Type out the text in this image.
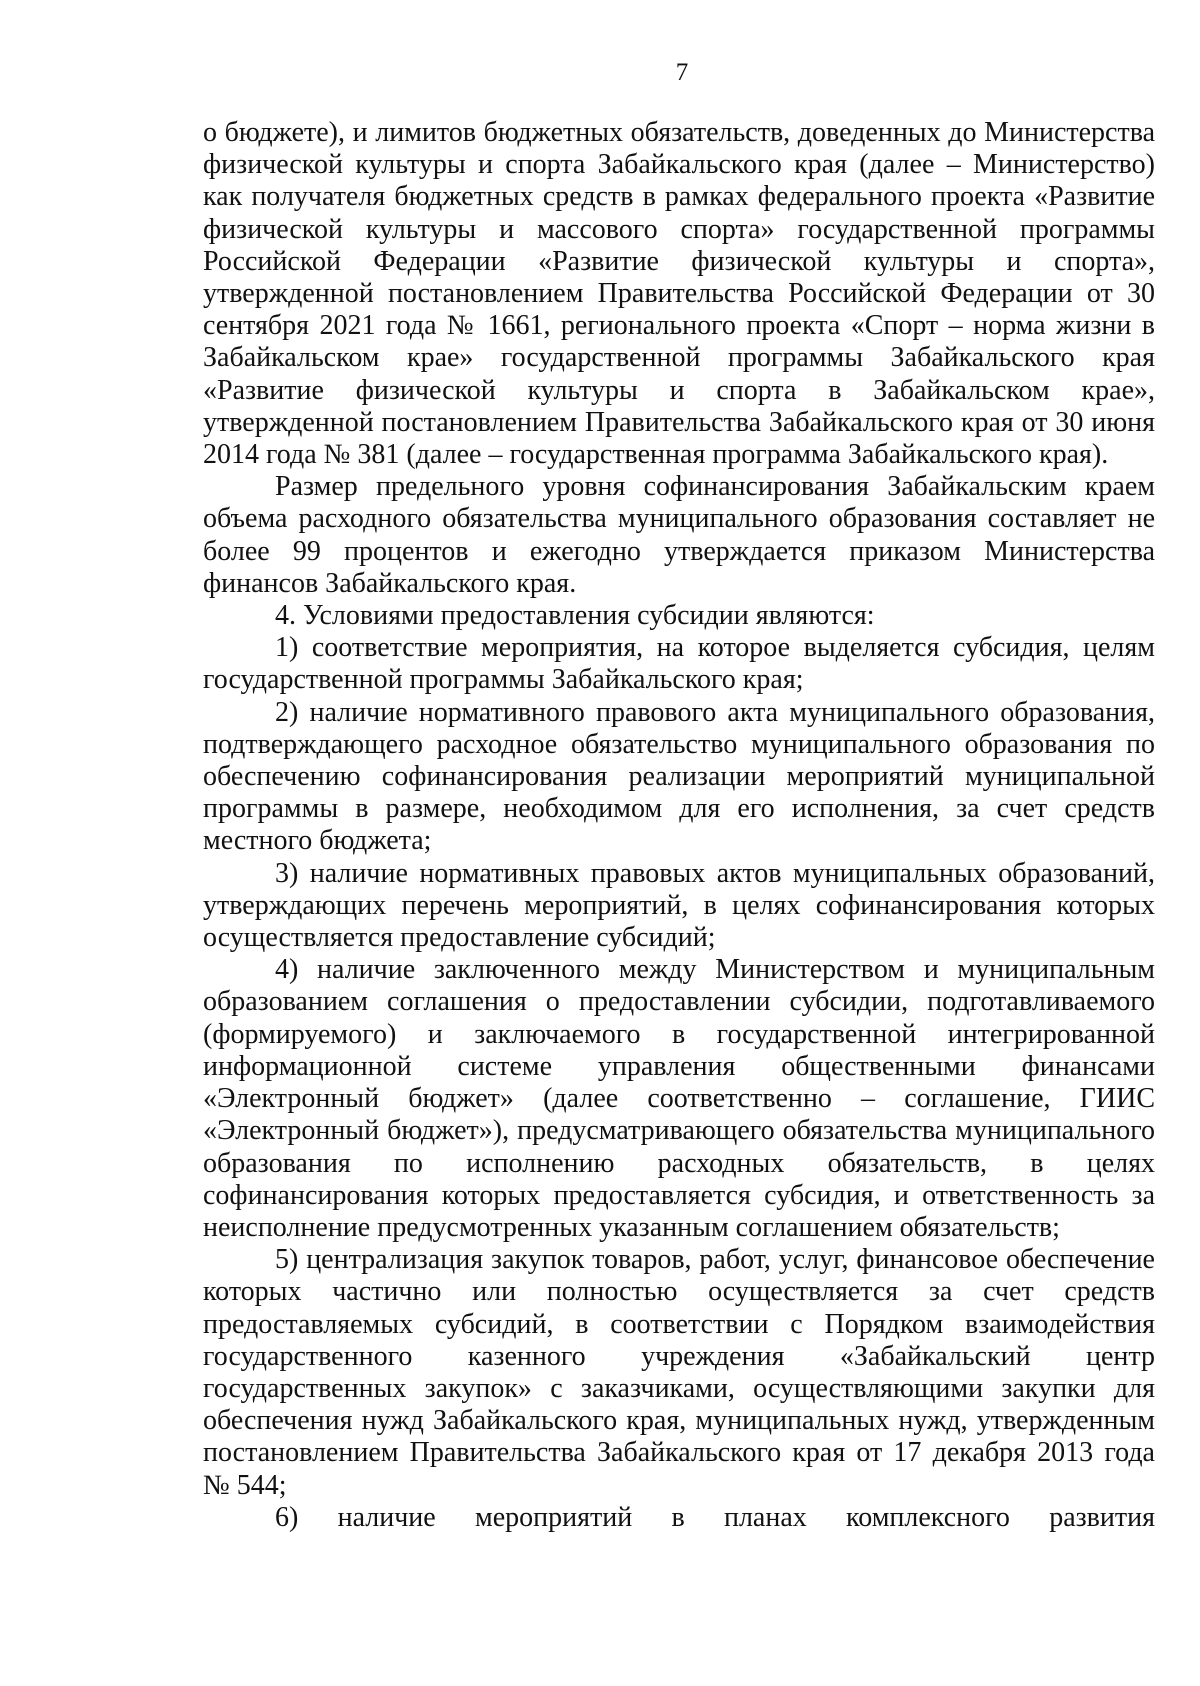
7

о бюджете), и лимитов бюджетных обязательств, доведенных до Министерства физической культуры и спорта Забайкальского края (далее – Министерство) как получателя бюджетных средств в рамках федерального проекта «Развитие физической культуры и массового спорта» государственной программы Российской Федерации «Развитие физической культуры и спорта», утвержденной постановлением Правительства Российской Федерации от 30 сентября 2021 года № 1661, регионального проекта «Спорт – норма жизни в Забайкальском крае» государственной программы Забайкальского края «Развитие физической культуры и спорта в Забайкальском крае», утвержденной постановлением Правительства Забайкальского края от 30 июня 2014 года № 381 (далее – государственная программа Забайкальского края).

Размер предельного уровня софинансирования Забайкальским краем объема расходного обязательства муниципального образования составляет не более 99 процентов и ежегодно утверждается приказом Министерства финансов Забайкальского края.

4. Условиями предоставления субсидии являются:

1) соответствие мероприятия, на которое выделяется субсидия, целям государственной программы Забайкальского края;

2) наличие нормативного правового акта муниципального образования, подтверждающего расходное обязательство муниципального образования по обеспечению софинансирования реализации мероприятий муниципальной программы в размере, необходимом для его исполнения, за счет средств местного бюджета;

3) наличие нормативных правовых актов муниципальных образований, утверждающих перечень мероприятий, в целях софинансирования которых осуществляется предоставление субсидий;

4) наличие заключенного между Министерством и муниципальным образованием соглашения о предоставлении субсидии, подготавливаемого (формируемого) и заключаемого в государственной интегрированной информационной системе управления общественными финансами «Электронный бюджет» (далее соответственно – соглашение, ГИИС «Электронный бюджет»), предусматривающего обязательства муниципального образования по исполнению расходных обязательств, в целях софинансирования которых предоставляется субсидия, и ответственность за неисполнение предусмотренных указанным соглашением обязательств;

5) централизация закупок товаров, работ, услуг, финансовое обеспечение которых частично или полностью осуществляется за счет средств предоставляемых субсидий, в соответствии с Порядком взаимодействия государственного казенного учреждения «Забайкальский центр государственных закупок» с заказчиками, осуществляющими закупки для обеспечения нужд Забайкальского края, муниципальных нужд, утвержденным постановлением Правительства Забайкальского края от 17 декабря 2013 года № 544;

6) наличие мероприятий в планах комплексного развития
